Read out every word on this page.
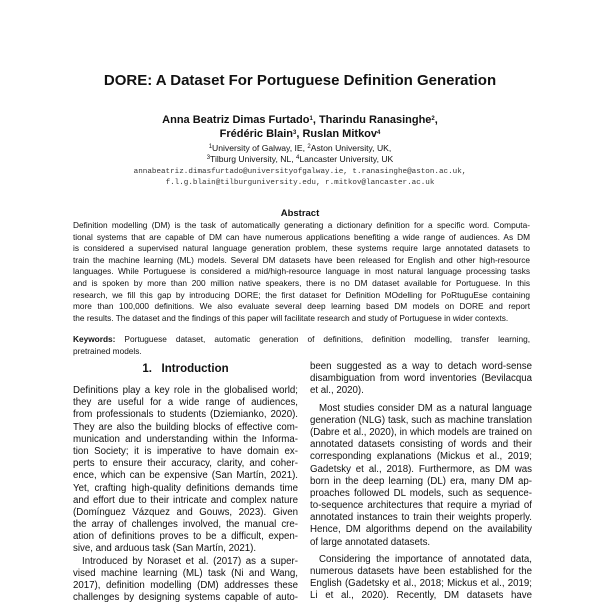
DORE: A Dataset For Portuguese Definition Generation
Anna Beatriz Dimas Furtado$^1$, Tharindu Ranasinghe$^2$,
Frédéric Blain$^3$, Ruslan Mitkov$^4$
$^1$University of Galway, IE, $^2$Aston University, UK,
$^3$Tilburg University, NL, $^4$Lancaster University, UK
annabeatriz.dimasfurtado@universityofgalway.ie, t.ranasinghe@aston.ac.uk,
f.l.g.blain@tilburguniversity.edu, r.mitkov@lancaster.ac.uk
Abstract
Definition modelling (DM) is the task of automatically generating a dictionary definition for a specific word. Computa-
tional systems that are capable of DM can have numerous applications benefiting a wide range of audiences. As DM
is considered a supervised natural language generation problem, these systems require large annotated datasets to
train the machine learning (ML) models. Several DM datasets have been released for English and other high-resource
languages. While Portuguese is considered a mid/high-resource language in most natural language processing tasks
and is spoken by more than 200 million native speakers, there is no DM dataset available for Portuguese. In this
research, we fill this gap by introducing DORE; the first dataset for Definition MOdelling for PoRtuguEse containing
more than 100,000 definitions. We also evaluate several deep learning based DM models on DORE and report
the results. The dataset and the findings of this paper will facilitate research and study of Portuguese in wider contexts.
Keywords: Portuguese dataset, automatic generation of definitions, definition modelling, transfer learning,
pretrained models.
1. Introduction
Definitions play a key role in the globalised world;
they are useful for a wide range of audiences,
from professionals to students (Dziemianko, 2020).
They are also the building blocks of effective com-
munication and understanding within the Informa-
tion Society; it is imperative to have domain ex-
perts to ensure their accuracy, clarity, and coher-
ence, which can be expensive (San Martín, 2021).
Yet, crafting high-quality definitions demands time
and effort due to their intricate and complex nature
(Domínguez Vázquez and Gouws, 2023). Given
the array of challenges involved, the manual cre-
ation of definitions proves to be a difficult, expen-
sive, and arduous task (San Martín, 2021).
Introduced by Noraset et al. (2017) as a super-
vised machine learning (ML) task (Ni and Wang,
2017), definition modelling (DM) addresses these
challenges by designing systems capable of auto-
been suggested as a way to detach word-sense
disambiguation from word inventories (Bevilacqua
et al., 2020).
Most studies consider DM as a natural language
generation (NLG) task, such as machine translation
(Dabre et al., 2020), in which models are trained on
annotated datasets consisting of words and their
corresponding explanations (Mickus et al., 2019;
Gadetsky et al., 2018). Furthermore, as DM was
born in the deep learning (DL) era, many DM ap-
proaches followed DL models, such as sequence-
to-sequence architectures that require a myriad of
annotated instances to train their weights properly.
Hence, DM algorithms depend on the availability
of large annotated datasets.
Considering the importance of annotated data,
numerous datasets have been established for the
English (Gadetsky et al., 2018; Mickus et al., 2019;
Li et al., 2020). Recently, DM datasets have
